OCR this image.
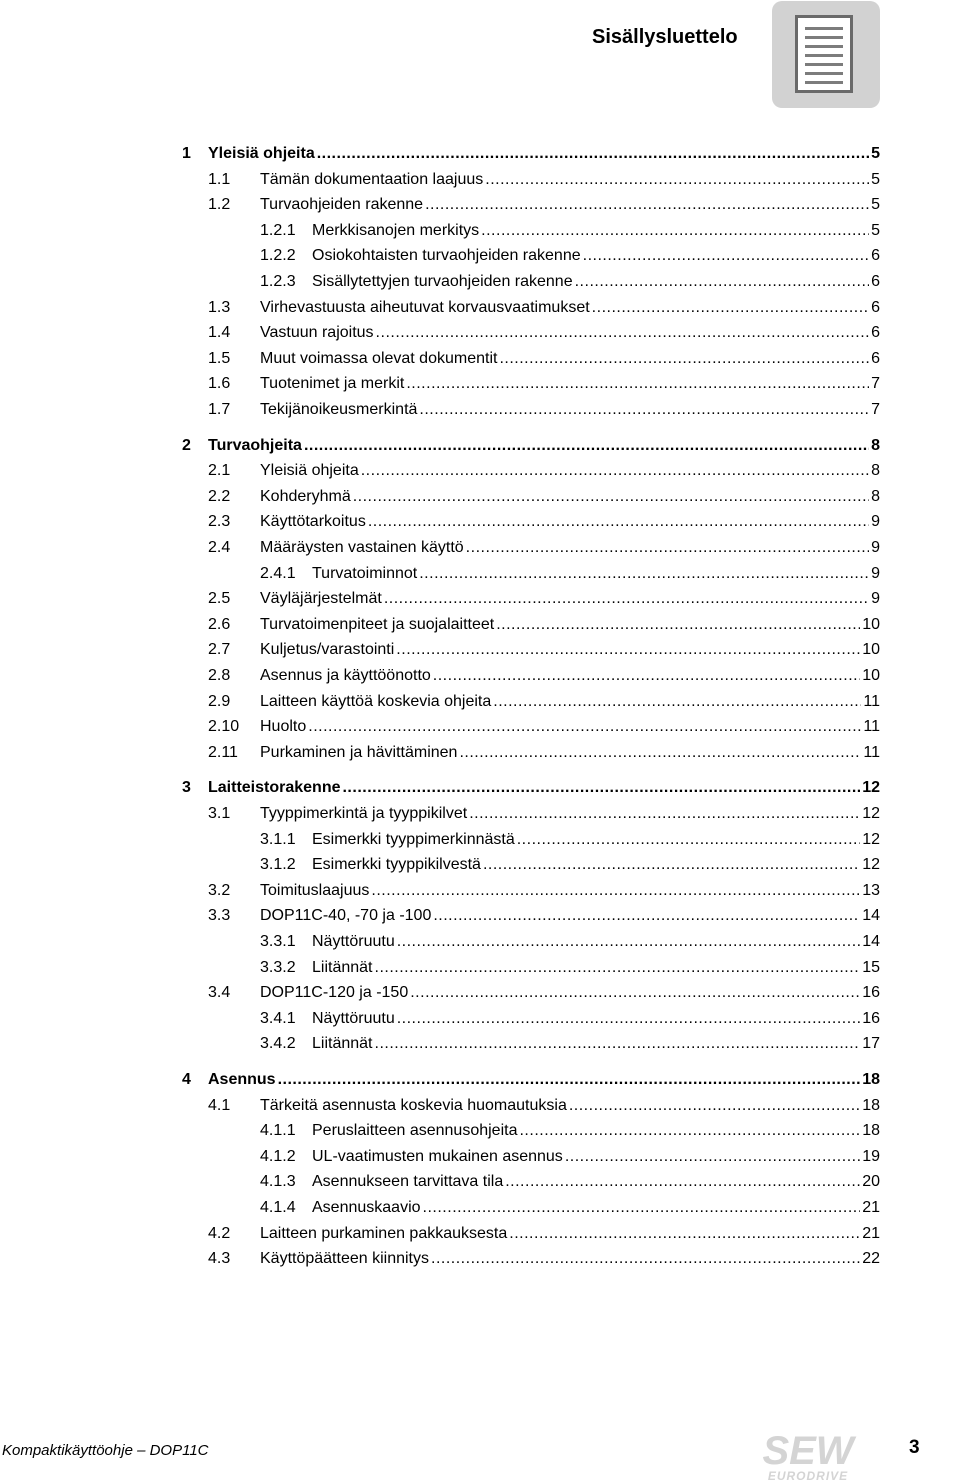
Sisällysluettelo
1 Yleisiä ohjeita .....	5
1.1 Tämän dokumentaation laajuus .....	5
1.2 Turvaohjeiden rakenne .....	5
1.2.1 Merkkisanojen merkitys .....	5
1.2.2 Osiokohtaisten turvaohjeiden rakenne .....	6
1.2.3 Sisällytettyjen turvaohjeiden rakenne .....	6
1.3 Virhevastuusta aiheutuvat korvausvaatimukset .....	6
1.4 Vastuun rajoitus .....	6
1.5 Muut voimassa olevat dokumentit .....	6
1.6 Tuotenimet ja merkit .....	7
1.7 Tekijänoikeusmerkintä .....	7
2 Turvaohjeita .....	8
2.1 Yleisiä ohjeita .....	8
2.2 Kohderyhmä .....	8
2.3 Käyttötarkoitus .....	9
2.4 Määräysten vastainen käyttö .....	9
2.4.1 Turvatoiminnot .....	9
2.5 Väyläjärjestelmät .....	9
2.6 Turvatoimenpiteet ja suojalaitteet .....	10
2.7 Kuljetus/varastointi .....	10
2.8 Asennus ja käyttöönotto .....	10
2.9 Laitteen käyttöä koskevia ohjeita .....	11
2.10 Huolto .....	11
2.11 Purkaminen ja hävittäminen .....	11
3 Laitteistorakenne .....	12
3.1 Tyyppimerkintä ja tyyppikilvet .....	12
3.1.1 Esimerkki tyyppimerkinnästä .....	12
3.1.2 Esimerkki tyyppikilvestä .....	12
3.2 Toimituslaajuus .....	13
3.3 DOP11C-40, -70 ja -100 .....	14
3.3.1 Näyttöruutu .....	14
3.3.2 Liitännät .....	15
3.4 DOP11C-120 ja -150 .....	16
3.4.1 Näyttöruutu .....	16
3.4.2 Liitännät .....	17
4 Asennus .....	18
4.1 Tärkeitä asennusta koskevia huomautuksia .....	18
4.1.1 Peruslaitteen asennusohjeita .....	18
4.1.2 UL-vaatimusten mukainen asennus .....	19
4.1.3 Asennukseen tarvittava tila .....	20
4.1.4 Asennuskaavio .....	21
4.2 Laitteen purkaminen pakkauksesta .....	21
4.3 Käyttöpäätteen kiinnitys .....	22
Kompaktikäyttöohje – DOP11C	SEW
EURODRIVE
3
